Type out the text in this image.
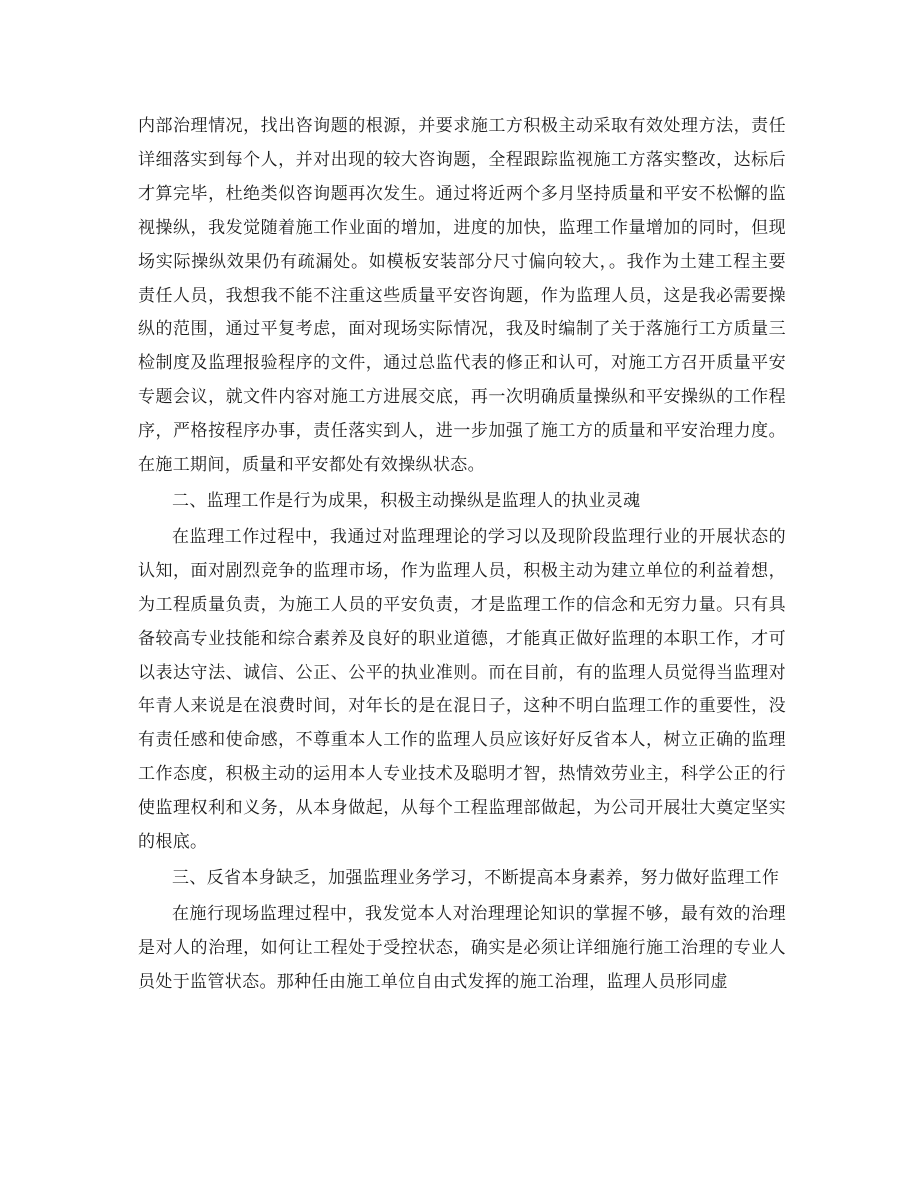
内部治理情况，找出咨询题的根源，并要求施工方积极主动采取有效处理方法，责任详细落实到每个人，并对出现的较大咨询题，全程跟踪监视施工方落实整改，达标后才算完毕，杜绝类似咨询题再次发生。通过将近两个多月坚持质量和平安不松懈的监视操纵，我发觉随着施工作业面的增加，进度的加快，监理工作量增加的同时，但现场实际操纵效果仍有疏漏处。如模板安装部分尺寸偏向较大，。我作为土建工程主要责任人员，我想我不能不注重这些质量平安咨询题，作为监理人员，这是我必需要操纵的范围，通过平复考虑，面对现场实际情况，我及时编制了关于落施行工方质量三检制度及监理报验程序的文件，通过总监代表的修正和认可，对施工方召开质量平安专题会议，就文件内容对施工方进展交底，再一次明确质量操纵和平安操纵的工作程序，严格按程序办事，责任落实到人，进一步加强了施工方的质量和平安治理力度。在施工期间，质量和平安都处有效操纵状态。

二、监理工作是行为成果，积极主动操纵是监理人的执业灵魂

在监理工作过程中，我通过对监理理论的学习以及现阶段监理行业的开展状态的认知，面对剧烈竞争的监理市场，作为监理人员，积极主动为建立单位的利益着想，为工程质量负责，为施工人员的平安负责，才是监理工作的信念和无穷力量。只有具备较高专业技能和综合素养及良好的职业道德，才能真正做好监理的本职工作，才可以表达守法、诚信、公正、公平的执业准则。而在目前，有的监理人员觉得当监理对年青人来说是在浪费时间，对年长的是在混日子，这种不明白监理工作的重要性，没有责任感和使命感，不尊重本人工作的监理人员应该好好反省本人，树立正确的监理工作态度，积极主动的运用本人专业技术及聪明才智，热情效劳业主，科学公正的行使监理权利和义务，从本身做起，从每个工程监理部做起，为公司开展壮大奠定坚实的根底。

三、反省本身缺乏，加强监理业务学习，不断提高本身素养，努力做好监理工作

在施行现场监理过程中，我发觉本人对治理理论知识的掌握不够，最有效的治理是对人的治理，如何让工程处于受控状态，确实是必须让详细施行施工治理的专业人员处于监管状态。那种任由施工单位自由式发挥的施工治理，监理人员形同虚
